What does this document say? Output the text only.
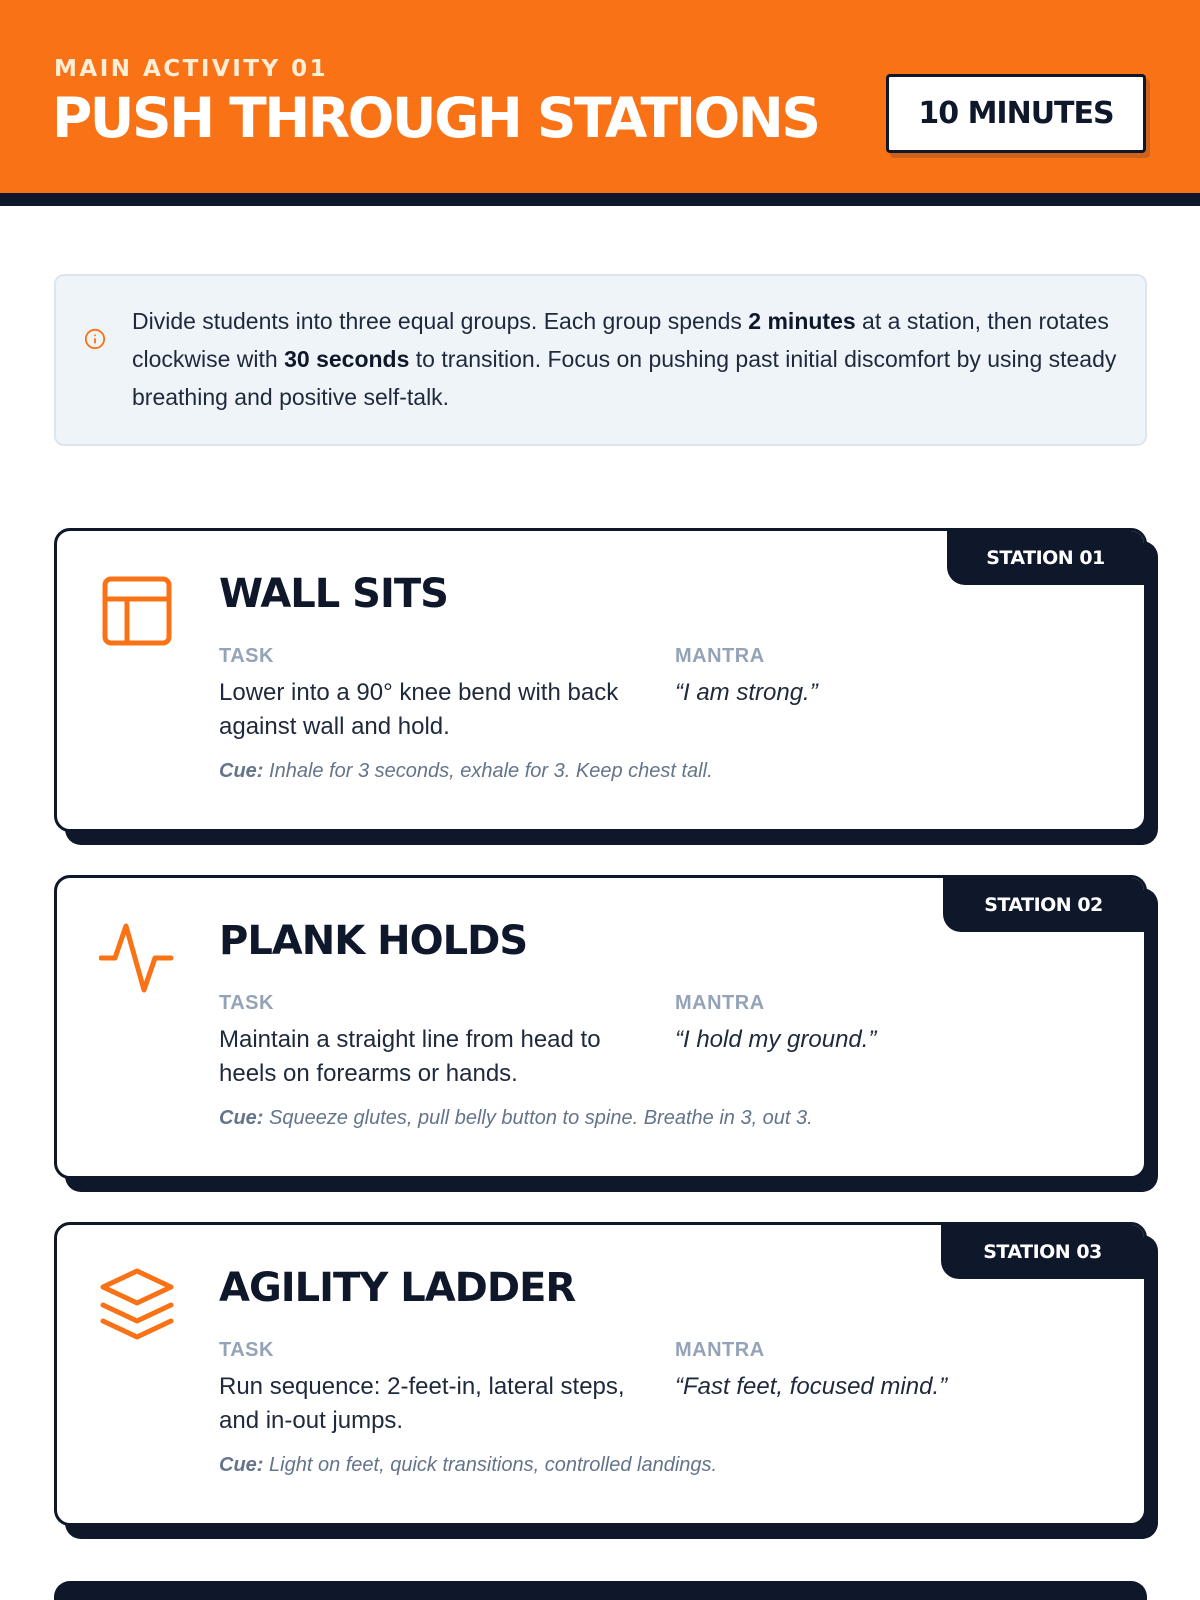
MAIN ACTIVITY 01
PUSH THROUGH STATIONS	10 MINUTES
Divide students into three equal groups. Each group spends 2 minutes at a station, then rotates clockwise with 30 seconds to transition. Focus on pushing past initial discomfort by using steady breathing and positive self-talk.
STATION 01
WALL SITS
TASK	MANTRA
Lower into a 90° knee bend with back against wall and hold.
“I am strong.”
Cue: Inhale for 3 seconds, exhale for 3. Keep chest tall.
STATION 02
PLANK HOLDS
TASK	MANTRA
Maintain a straight line from head to heels on forearms or hands.
“I hold my ground.”
Cue: Squeeze glutes, pull belly button to spine. Breathe in 3, out 3.
STATION 03
AGILITY LADDER
TASK	MANTRA
Run sequence: 2-feet-in, lateral steps, and in-out jumps.
“Fast feet, focused mind.”
Cue: Light on feet, quick transitions, controlled landings.
